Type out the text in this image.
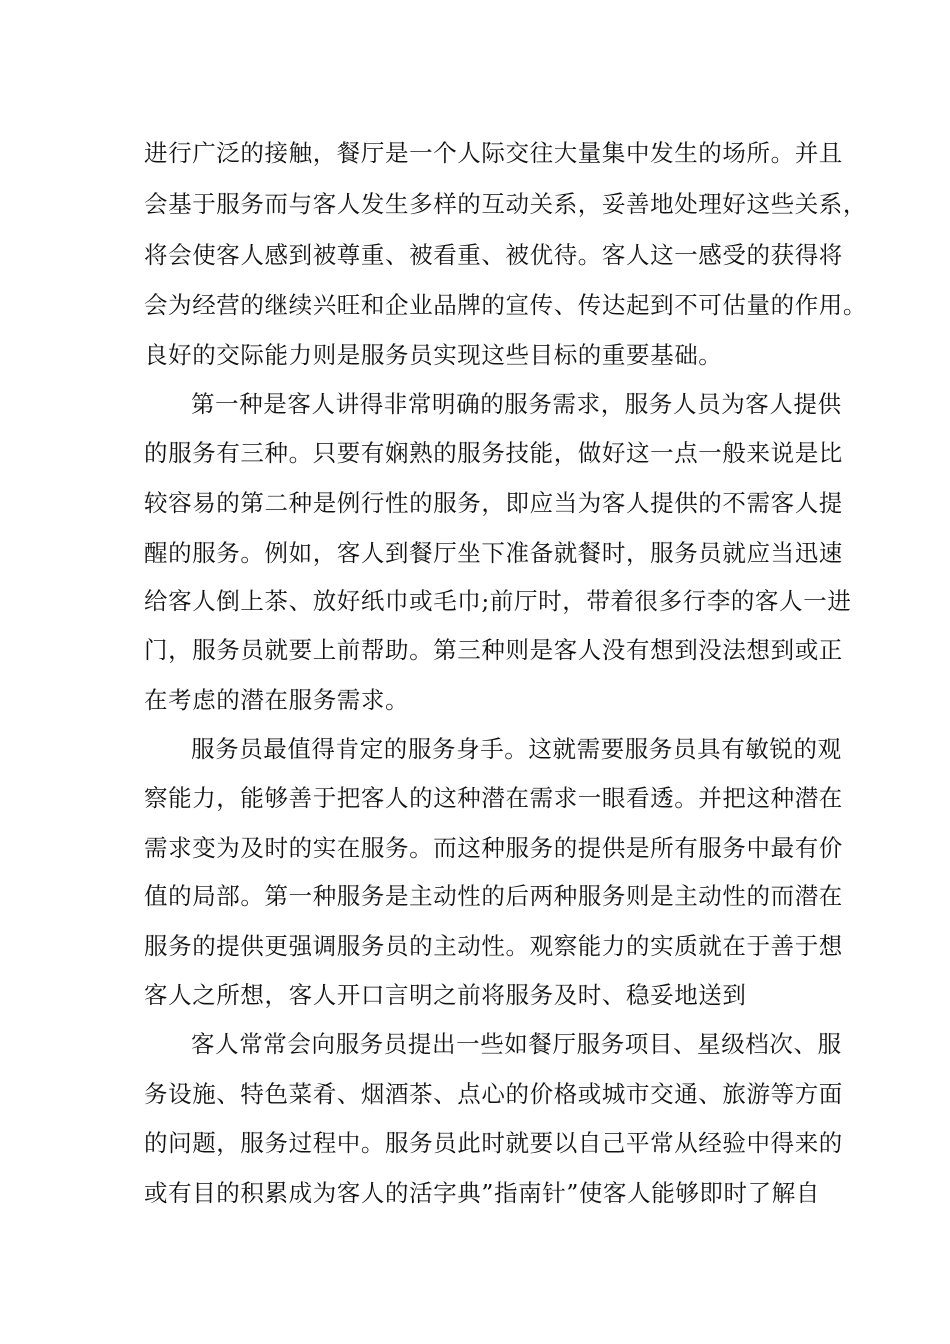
进行广泛的接触，餐厅是一个人际交往大量集中发生的场所。并且
会基于服务而与客人发生多样的互动关系，妥善地处理好这些关系，
将会使客人感到被尊重、被看重、被优待。客人这一感受的获得将
会为经营的继续兴旺和企业品牌的宣传、传达起到不可估量的作用。
良好的交际能力则是服务员实现这些目标的重要基础。
第一种是客人讲得非常明确的服务需求，服务人员为客人提供
的服务有三种。只要有娴熟的服务技能，做好这一点一般来说是比
较容易的第二种是例行性的服务，即应当为客人提供的不需客人提
醒的服务。例如，客人到餐厅坐下准备就餐时，服务员就应当迅速
给客人倒上茶、放好纸巾或毛巾;前厅时，带着很多行李的客人一进
门，服务员就要上前帮助。第三种则是客人没有想到没法想到或正
在考虑的潜在服务需求。
服务员最值得肯定的服务身手。这就需要服务员具有敏锐的观
察能力，能够善于把客人的这种潜在需求一眼看透。并把这种潜在
需求变为及时的实在服务。而这种服务的提供是所有服务中最有价
值的局部。第一种服务是主动性的后两种服务则是主动性的而潜在
服务的提供更强调服务员的主动性。观察能力的实质就在于善于想
客人之所想，客人开口言明之前将服务及时、稳妥地送到
客人常常会向服务员提出一些如餐厅服务项目、星级档次、服
务设施、特色菜肴、烟酒茶、点心的价格或城市交通、旅游等方面
的问题，服务过程中。服务员此时就要以自己平常从经验中得来的
或有目的积累成为客人的活字典”指南针”使客人能够即时了解自
